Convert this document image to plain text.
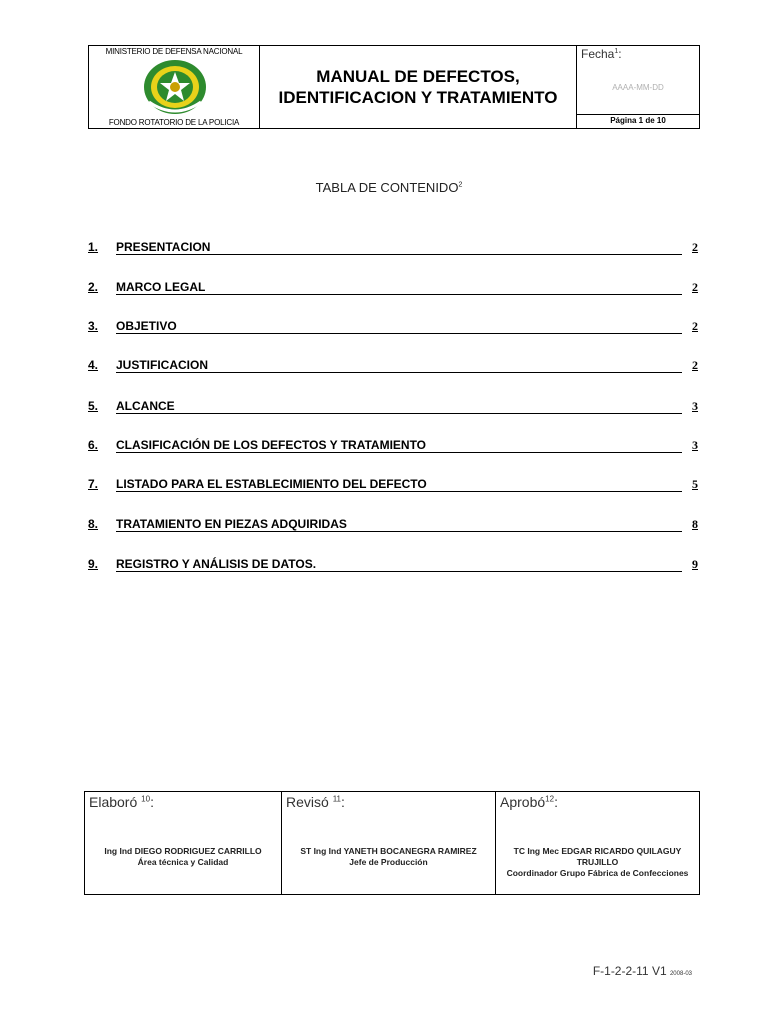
MINISTERIO DE DEFENSA NACIONAL
FONDO ROTATORIO DE LA POLICIA
MANUAL DE DEFECTOS,
IDENTIFICACION Y TRATAMIENTO
Fecha$^1$:
AAAA-MM-DD
Página 1 de 10
TABLA DE CONTENIDO$^2$
1. PRESENTACION	2
2. MARCO LEGAL	2
3. OBJETIVO	2
4. JUSTIFICACION	2
5. ALCANCE	3
6. CLASIFICACIÓN DE LOS DEFECTOS Y TRATAMIENTO	3
7. LISTADO PARA EL ESTABLECIMIENTO DEL DEFECTO	5
8. TRATAMIENTO EN PIEZAS ADQUIRIDAS	8
9. REGISTRO Y ANÁLISIS DE DATOS.	9
Elaboró $^{10}$:
Ing Ind DIEGO RODRIGUEZ CARRILLO
Área técnica y Calidad
Revisó $^{11}$:
ST Ing Ind YANETH BOCANEGRA RAMIREZ
Jefe de Producción
Aprobó$^{12}$:
TC Ing Mec EDGAR RICARDO QUILAGUY TRUJILLO
Coordinador Grupo Fábrica de Confecciones
F-1-2-2-11 V1 2008-03
